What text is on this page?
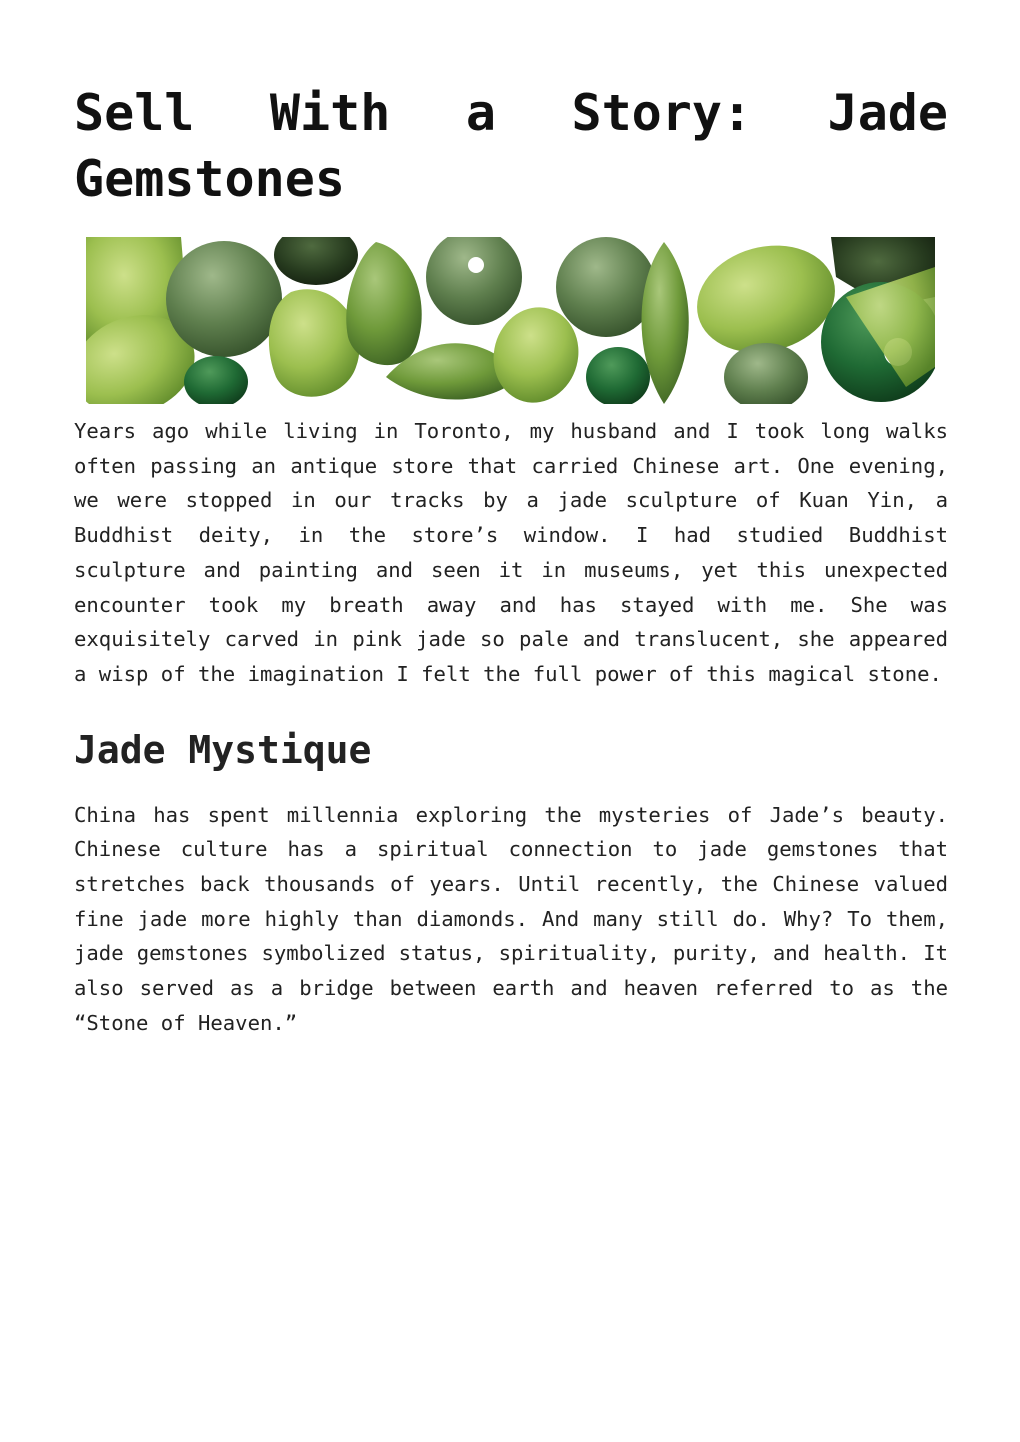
Sell With a Story: Jade Gemstones

Years ago while living in Toronto, my husband and I took long walks often passing an antique store that carried Chinese art. One evening, we were stopped in our tracks by a jade sculpture of Kuan Yin, a Buddhist deity, in the store’s window. I had studied Buddhist sculpture and painting and seen it in museums, yet this unexpected encounter took my breath away and has stayed with me. She was exquisitely carved in pink jade so pale and translucent, she appeared a wisp of the imagination I felt the full power of this magical stone.

Jade Mystique

China has spent millennia exploring the mysteries of Jade’s beauty. Chinese culture has a spiritual connection to jade gemstones that stretches back thousands of years. Until recently, the Chinese valued fine jade more highly than diamonds. And many still do. Why? To them, jade gemstones symbolized status, spirituality, purity, and health. It also served as a bridge between earth and heaven referred to as the “Stone of Heaven.”
